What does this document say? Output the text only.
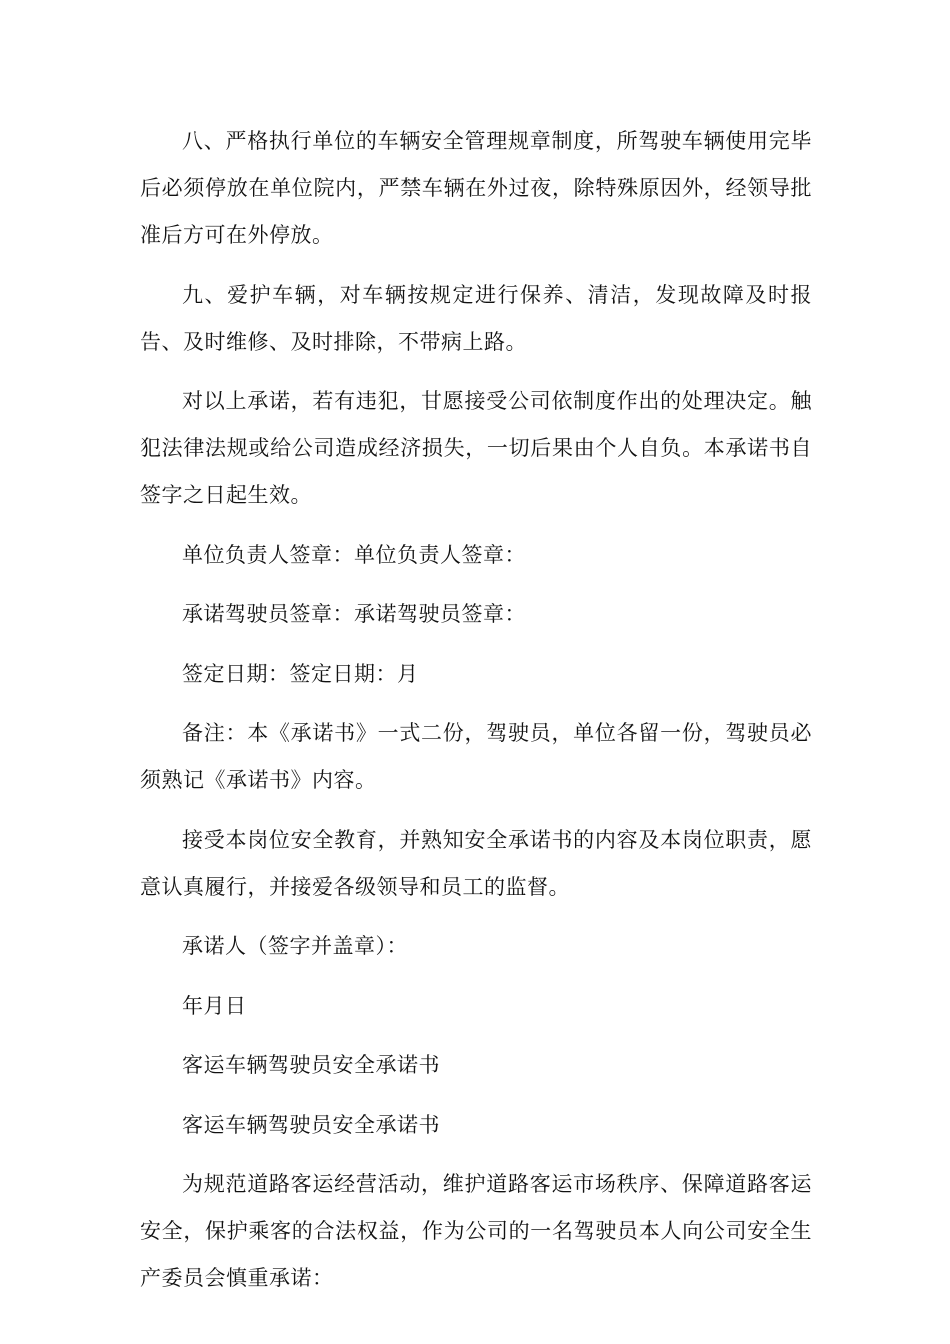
八、严格执行单位的车辆安全管理规章制度，所驾驶车辆使用完毕后必须停放在单位院内，严禁车辆在外过夜，除特殊原因外，经领导批准后方可在外停放。

九、爱护车辆，对车辆按规定进行保养、清洁，发现故障及时报告、及时维修、及时排除，不带病上路。

对以上承诺，若有违犯，甘愿接受公司依制度作出的处理决定。触犯法律法规或给公司造成经济损失，一切后果由个人自负。本承诺书自签字之日起生效。

单位负责人签章：单位负责人签章：

承诺驾驶员签章：承诺驾驶员签章：

签定日期：签定日期：月

备注：本《承诺书》一式二份，驾驶员，单位各留一份，驾驶员必须熟记《承诺书》内容。

接受本岗位安全教育，并熟知安全承诺书的内容及本岗位职责，愿意认真履行，并接爱各级领导和员工的监督。

承诺人（签字并盖章）：

年月日

客运车辆驾驶员安全承诺书

客运车辆驾驶员安全承诺书

为规范道路客运经营活动，维护道路客运市场秩序、保障道路客运安全，保护乘客的合法权益，作为公司的一名驾驶员本人向公司安全生产委员会慎重承诺：
